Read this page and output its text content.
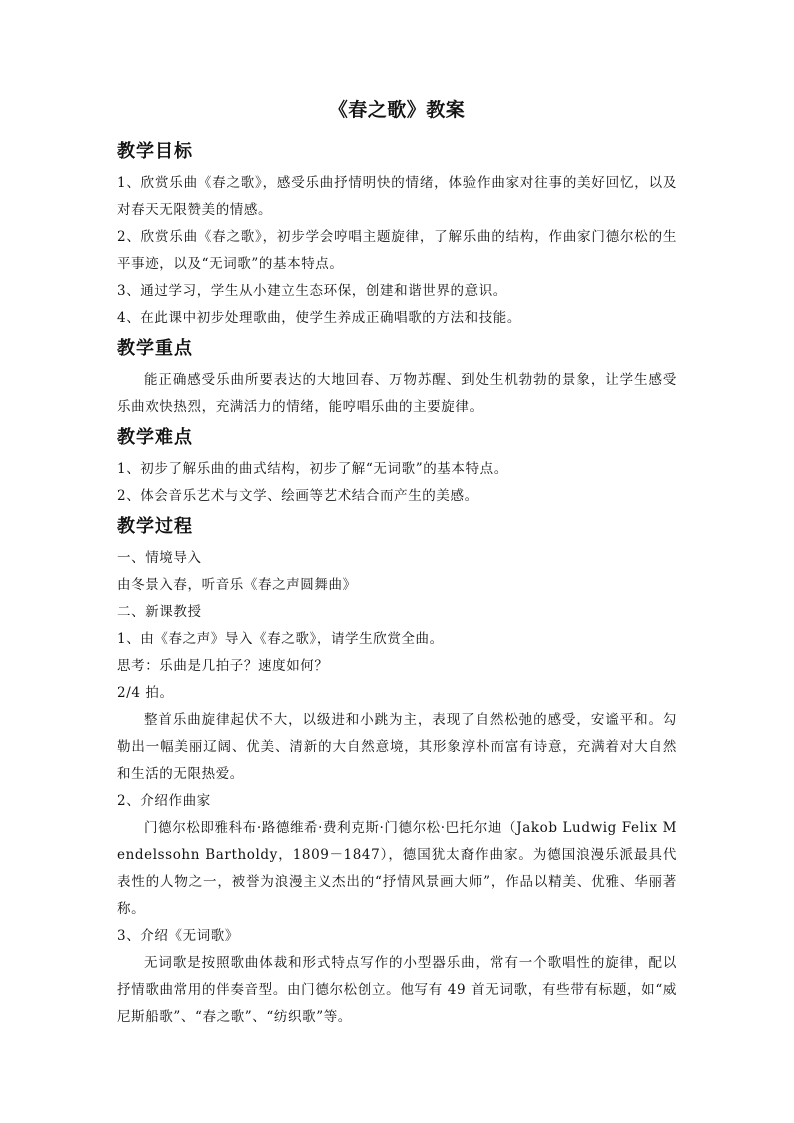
《春之歌》教案
教学目标

1、欣赏乐曲《春之歌》，感受乐曲抒情明快的情绪，体验作曲家对往事的美好回忆，以及对春天无限赞美的情感。

2、欣赏乐曲《春之歌》，初步学会哼唱主题旋律，了解乐曲的结构，作曲家门德尔松的生平事迹，以及“无词歌”的基本特点。

3、通过学习，学生从小建立生态环保，创建和谐世界的意识。

4、在此课中初步处理歌曲，使学生养成正确唱歌的方法和技能。

教学重点

能正确感受乐曲所要表达的大地回春、万物苏醒、到处生机勃勃的景象，让学生感受乐曲欢快热烈，充满活力的情绪，能哼唱乐曲的主要旋律。

教学难点

1、初步了解乐曲的曲式结构，初步了解“无词歌”的基本特点。

2、体会音乐艺术与文学、绘画等艺术结合而产生的美感。

教学过程

一、情境导入

由冬景入春，听音乐《春之声圆舞曲》

二、新课教授

1、由《春之声》导入《春之歌》，请学生欣赏全曲。

思考：乐曲是几拍子？速度如何？

2/4 拍。

整首乐曲旋律起伏不大，以级进和小跳为主，表现了自然松弛的感受，安谧平和。勾勒出一幅美丽辽阔、优美、清新的大自然意境，其形象淳朴而富有诗意，充满着对大自然和生活的无限热爱。

2、介绍作曲家

门德尔松即雅科布·路德维希·费利克斯·门德尔松·巴托尔迪（Jakob Ludwig Felix Mendelssohn Bartholdy，1809－1847），德国犹太裔作曲家。为德国浪漫乐派最具代表性的人物之一，被誉为浪漫主义杰出的“抒情风景画大师”，作品以精美、优雅、华丽著称。

3、介绍《无词歌》

无词歌是按照歌曲体裁和形式特点写作的小型器乐曲，常有一个歌唱性的旋律，配以抒情歌曲常用的伴奏音型。由门德尔松创立。他写有 49 首无词歌，有些带有标题，如“威尼斯船歌”、“春之歌”、“纺织歌”等。
